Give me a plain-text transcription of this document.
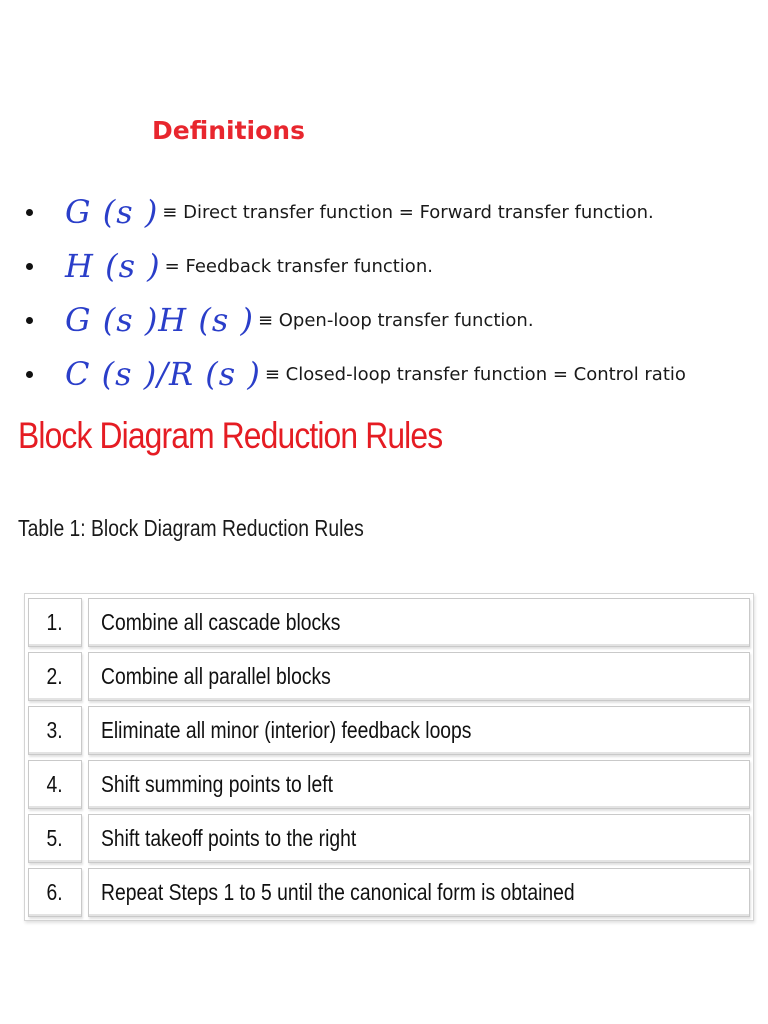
Definitions
G (s ) ≡ Direct transfer function = Forward transfer function.
H (s ) = Feedback transfer function.
G (s )H (s ) ≡ Open-loop transfer function.
C (s )/R (s ) ≡ Closed-loop transfer function = Control ratio
Block Diagram Reduction Rules
Table 1: Block Diagram Reduction Rules
1. Combine all cascade blocks
2. Combine all parallel blocks
3. Eliminate all minor (interior) feedback loops
4. Shift summing points to left
5. Shift takeoff points to the right
6. Repeat Steps 1 to 5 until the canonical form is obtained
